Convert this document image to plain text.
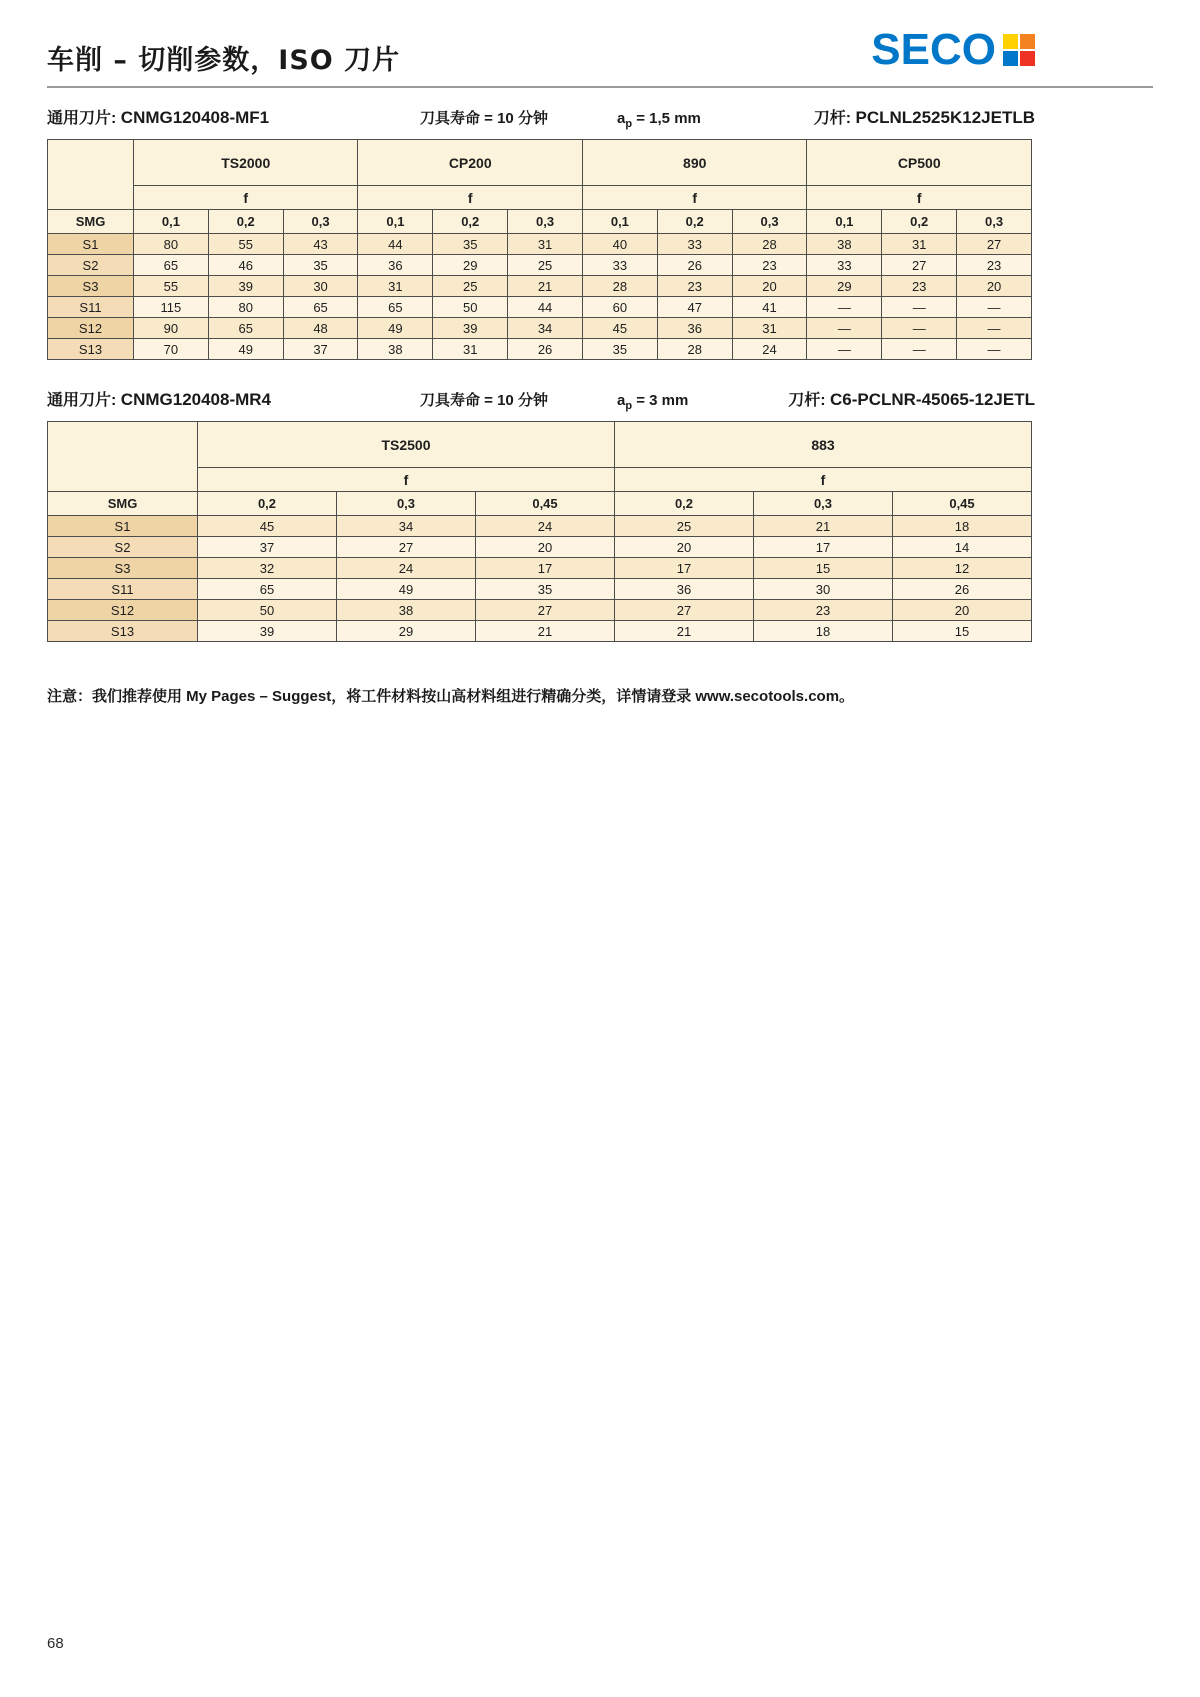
车削 – 切削参数，ISO 刀片	SECO
通用刀片: CNMG120408-MF1	刀具寿命 = 10 分钟	$a_p = 1,5$ mm	刀杆: PCLNL2525K12JETLB
	TS2000			CP200			890			CP500		
	f			f			f			f		
SMG	0,1	0,2	0,3	0,1	0,2	0,3	0,1	0,2	0,3	0,1	0,2	0,3
S1	80	55	43	44	35	31	40	33	28	38	31	27
S2	65	46	35	36	29	25	33	26	23	33	27	23
S3	55	39	30	31	25	21	28	23	20	29	23	20
S11	115	80	65	65	50	44	60	47	41	—	—	—
S12	90	65	48	49	39	34	45	36	31	—	—	—
S13	70	49	37	38	31	26	35	28	24	—	—	—
通用刀片: CNMG120408-MR4	刀具寿命 = 10 分钟	$a_p = 3$ mm	刀杆: C6-PCLNR-45065-12JETL
	TS2500			883		
	f			f		
SMG	0,2	0,3	0,45	0,2	0,3	0,45
S1	45	34	24	25	21	18
S2	37	27	20	20	17	14
S3	32	24	17	17	15	12
S11	65	49	35	36	30	26
S12	50	38	27	27	23	20
S13	39	29	21	21	18	15

注意：我们推荐使用 My Pages – Suggest，将工件材料按山高材料组进行精确分类，详情请登录 www.secotools.com。

68
